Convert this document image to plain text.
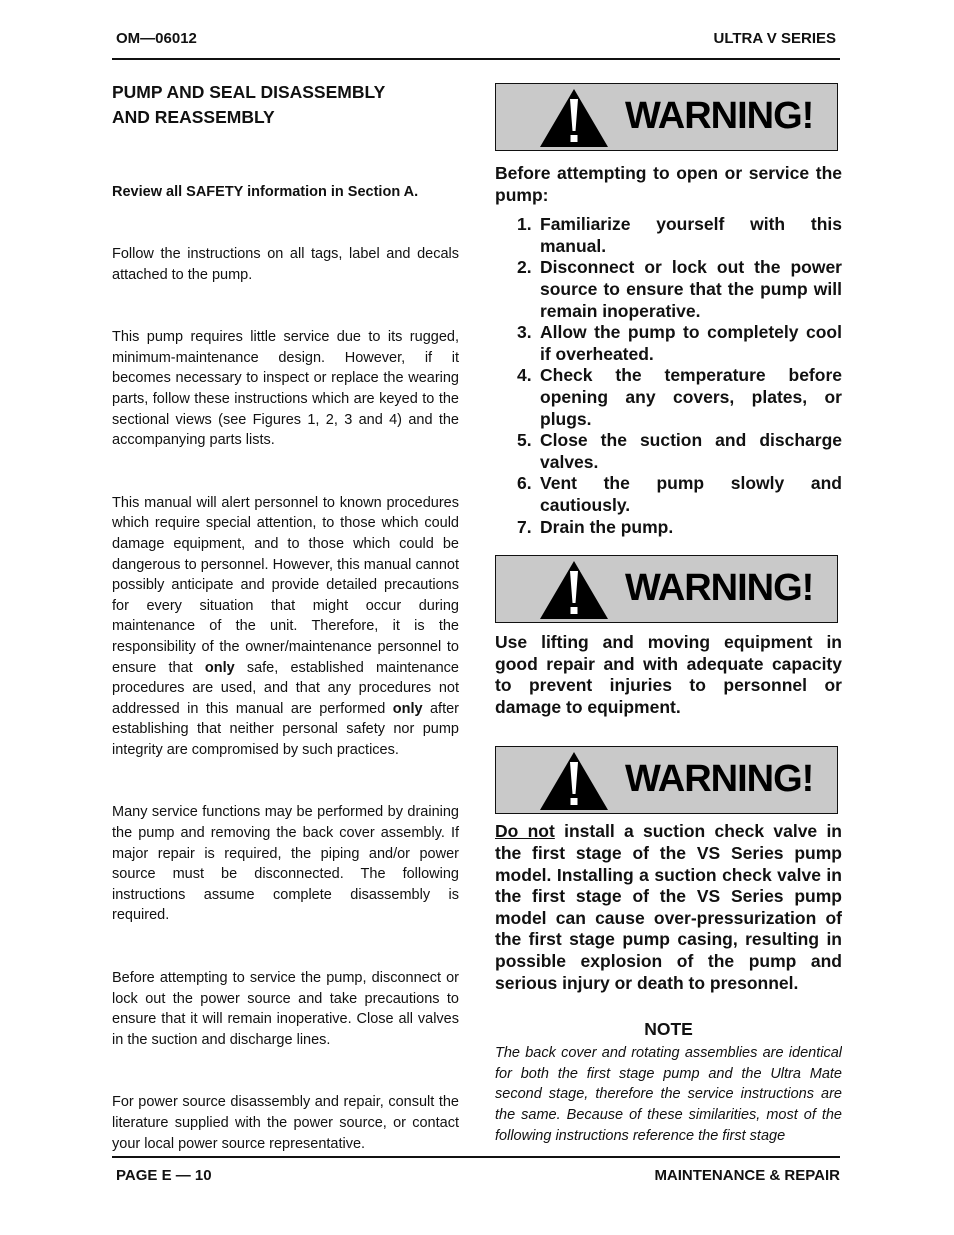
OM—06012	ULTRA V SERIES

PUMP AND SEAL DISASSEMBLY
AND REASSEMBLY

Review all SAFETY information in Section A.

Follow the instructions on all tags, label and decals attached to the pump.

This pump requires little service due to its rugged, minimum-maintenance design. However, if it becomes necessary to inspect or replace the wearing parts, follow these instructions which are keyed to the sectional views (see Figures 1, 2, 3 and 4) and the accompanying parts lists.

This manual will alert personnel to known procedures which require special attention, to those which could damage equipment, and to those which could be dangerous to personnel. However, this manual cannot possibly anticipate and provide detailed precautions for every situation that might occur during maintenance of the unit. Therefore, it is the responsibility of the owner/maintenance personnel to ensure that only safe, established maintenance procedures are used, and that any procedures not addressed in this manual are performed only after establishing that neither personal safety nor pump integrity are compromised by such practices.

Many service functions may be performed by draining the pump and removing the back cover assembly. If major repair is required, the piping and/or power source must be disconnected. The following instructions assume complete disassembly is required.

Before attempting to service the pump, disconnect or lock out the power source and take precautions to ensure that it will remain inoperative. Close all valves in the suction and discharge lines.

For power source disassembly and repair, consult the literature supplied with the power source, or contact your local power source representative.

WARNING!

Before attempting to open or service the pump:

1. Familiarize yourself with this manual.
2. Disconnect or lock out the power source to ensure that the pump will remain inoperative.
3. Allow the pump to completely cool if overheated.
4. Check the temperature before opening any covers, plates, or plugs.
5. Close the suction and discharge valves.
6. Vent the pump slowly and cautiously.
7. Drain the pump.
WARNING!

Use lifting and moving equipment in good repair and with adequate capacity to prevent injuries to personnel or damage to equipment.

WARNING!

Do not install a suction check valve in the first stage of the VS Series pump model. Installing a suction check valve in the first stage of the VS Series pump model can cause over-pressurization of the first stage pump casing, resulting in possible explosion of the pump and serious injury or death to presonnel.

NOTE

The back cover and rotating assemblies are identical for both the first stage pump and the Ultra Mate second stage, therefore the service instructions are the same. Because of these similarities, most of the following instructions reference the first stage

PAGE E — 10	MAINTENANCE & REPAIR
